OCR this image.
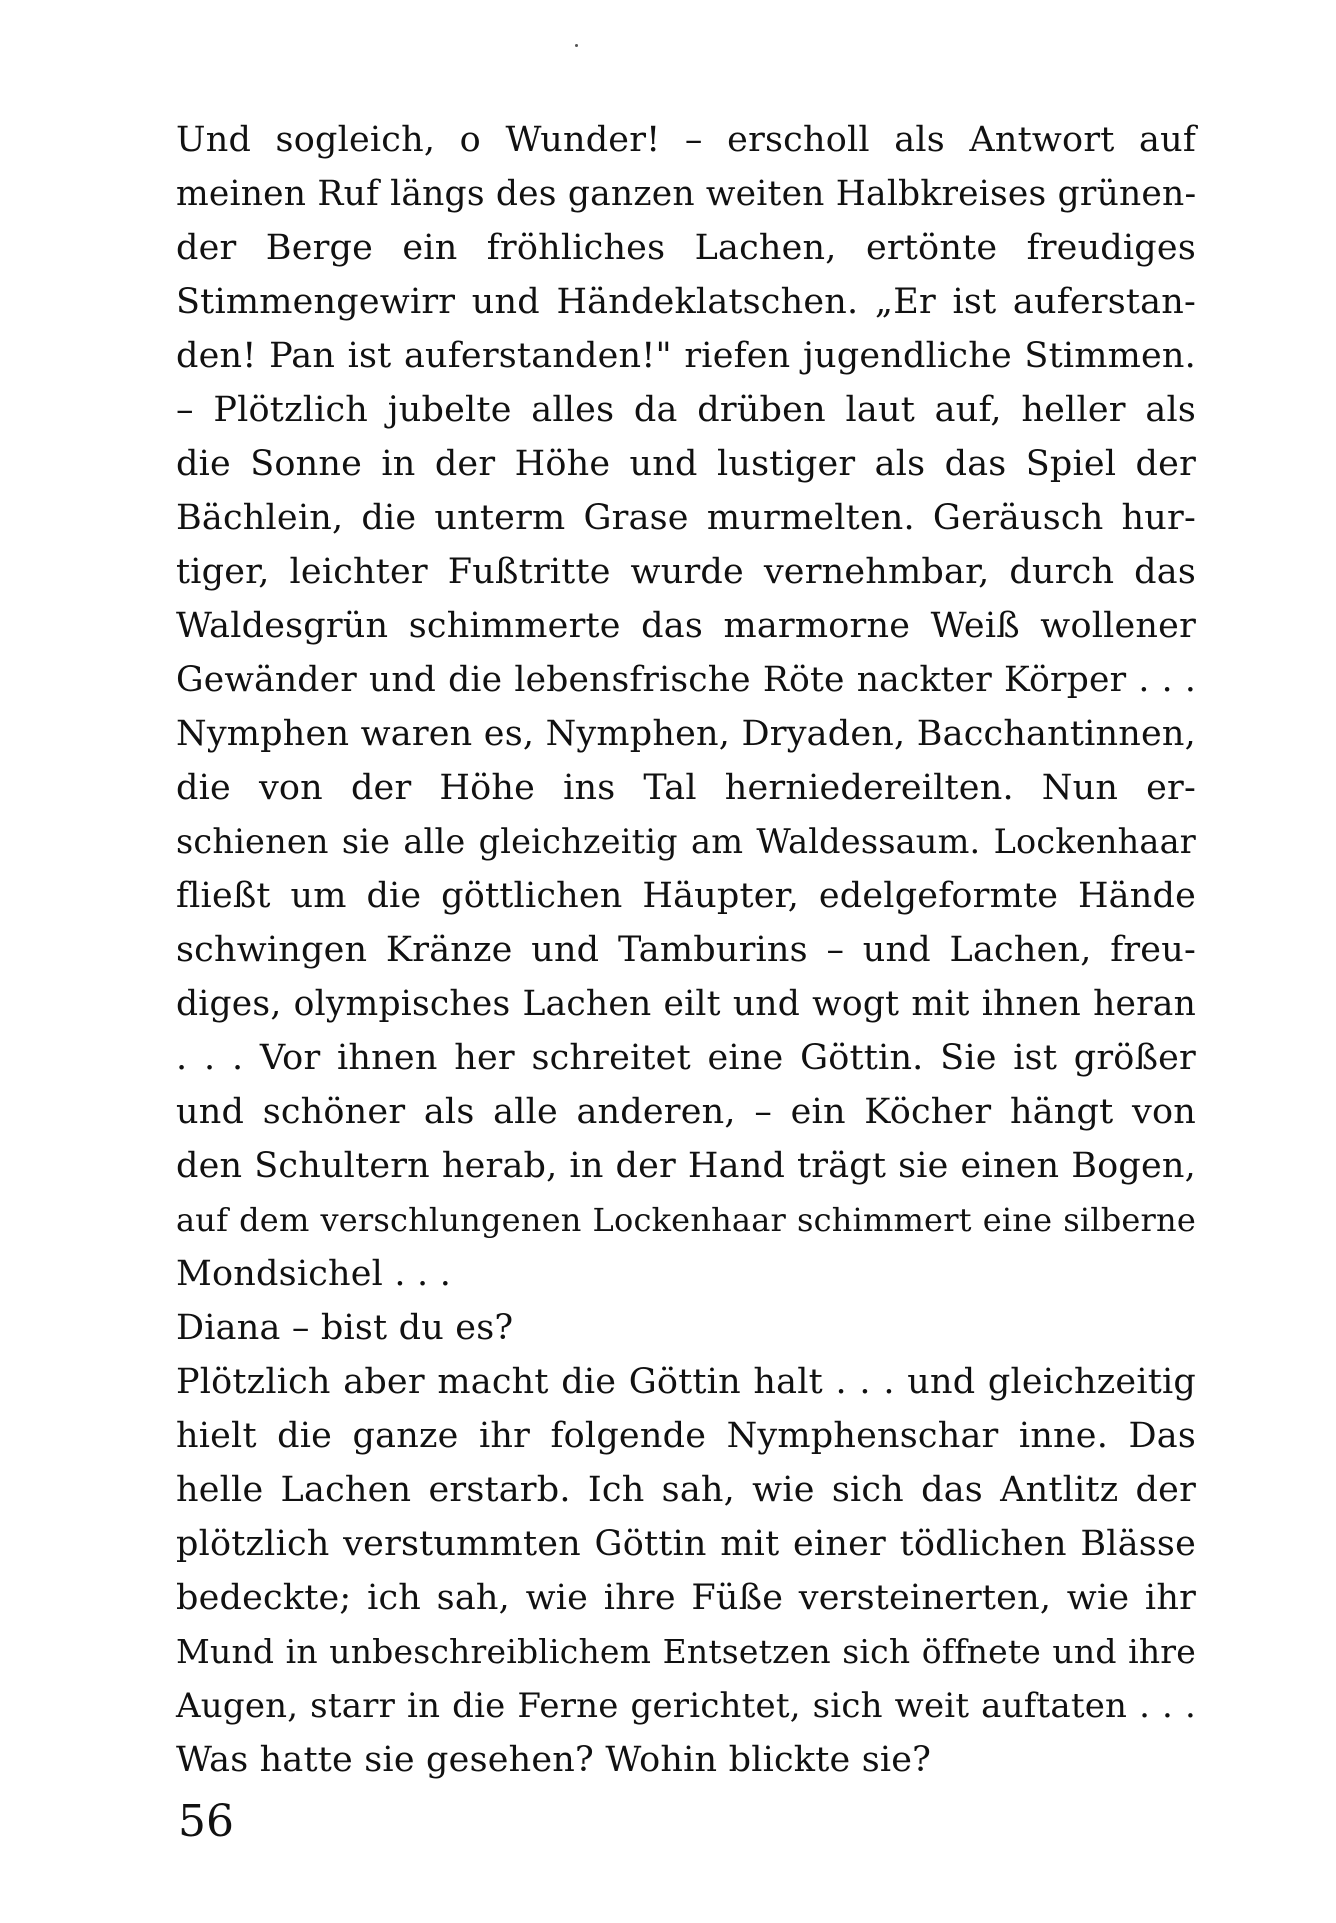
Und sogleich, o Wunder! – erscholl als Antwort auf
meinen Ruf längs des ganzen weiten Halbkreises grünen-
der Berge ein fröhliches Lachen, ertönte freudiges
Stimmengewirr und Händeklatschen. „Er ist auferstan-
den! Pan ist auferstanden!" riefen jugendliche Stimmen.
– Plötzlich jubelte alles da drüben laut auf, heller als
die Sonne in der Höhe und lustiger als das Spiel der
Bächlein, die unterm Grase murmelten. Geräusch hur-
tiger, leichter Fußtritte wurde vernehmbar, durch das
Waldesgrün schimmerte das marmorne Weiß wollener
Gewänder und die lebensfrische Röte nackter Körper . . .
Nymphen waren es, Nymphen, Dryaden, Bacchantinnen,
die von der Höhe ins Tal herniedereilten. Nun er-
schienen sie alle gleichzeitig am Waldessaum. Lockenhaar
fließt um die göttlichen Häupter, edelgeformte Hände
schwingen Kränze und Tamburins – und Lachen, freu-
diges, olympisches Lachen eilt und wogt mit ihnen heran
. . . Vor ihnen her schreitet eine Göttin. Sie ist größer
und schöner als alle anderen, – ein Köcher hängt von
den Schultern herab, in der Hand trägt sie einen Bogen,
auf dem verschlungenen Lockenhaar schimmert eine silberne
Mondsichel . . .
Diana – bist du es?
Plötzlich aber macht die Göttin halt . . . und gleichzeitig
hielt die ganze ihr folgende Nymphenschar inne. Das
helle Lachen erstarb. Ich sah, wie sich das Antlitz der
plötzlich verstummten Göttin mit einer tödlichen Blässe
bedeckte; ich sah, wie ihre Füße versteinerten, wie ihr
Mund in unbeschreiblichem Entsetzen sich öffnete und ihre
Augen, starr in die Ferne gerichtet, sich weit auftaten . . .
Was hatte sie gesehen? Wohin blickte sie?
56
